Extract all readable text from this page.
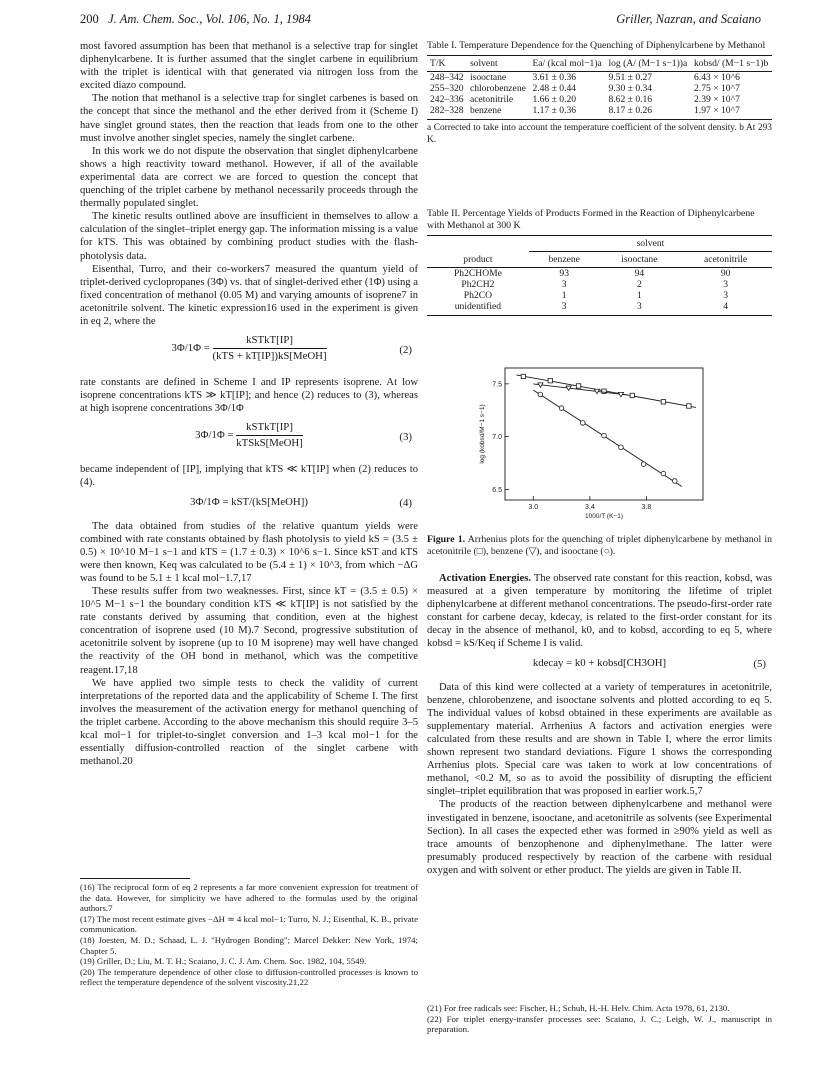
200 J. Am. Chem. Soc., Vol. 106, No. 1, 1984	Griller, Nazran, and Scaiano

most favored assumption has been that methanol is a selective trap for singlet diphenylcarbene. It is further assumed that the singlet carbene in equilibrium with the triplet is identical with that generated via nitrogen loss from the excited diazo compound.

The notion that methanol is a selective trap for singlet carbenes is based on the concept that since the methanol and the ether derived from it (Scheme I) have singlet ground states, then the reaction that leads from one to the other must involve another singlet species, namely the singlet carbene.

In this work we do not dispute the observation that singlet diphenylcarbene shows a high reactivity toward methanol. However, if all of the available experimental data are correct we are forced to question the concept that quenching of the triplet carbene by methanol necessarily proceeds through the thermally populated singlet.

The kinetic results outlined above are insufficient in themselves to allow a calculation of the singlet–triplet energy gap. The information missing is a value for kTS. This was obtained by combining product studies with the flash-photolysis data.

Eisenthal, Turro, and their co-workers7 measured the quantum yield of triplet-derived cyclopropanes (3Φ) vs. that of singlet-derived ether (1Φ) using a fixed concentration of methanol (0.05 M) and varying amounts of isoprene7 in acetonitrile solvent. The kinetic expression16 used in the experiment is given in eq 2, where the

$3\Phi/1\Phi = \frac{\text{kSTkT[IP]}}{\text{(kTS + kT[IP])kS[MeOH]}}$	(2)

rate constants are defined in Scheme I and IP represents isoprene. At low isoprene concentrations kTS ≫ kT[IP]; and hence (2) reduces to (3), whereas at high isoprene concentrations 3Φ/1Φ

$3\Phi/1\Phi = \frac{\text{kSTkT[IP]}}{\text{kTSkS[MeOH]}}$	(3)

became independent of [IP], implying that kTS ≪ kT[IP] when (2) reduces to (4).

3Φ/1Φ = kST/(kS[MeOH])	(4)

The data obtained from studies of the relative quantum yields were combined with rate constants obtained by flash photolysis to yield kS = (3.5 ± 0.5) × 10^10 M−1 s−1 and kTS = (1.7 ± 0.3) × 10^6 s−1. Since kST and kTS were then known, Keq was calculated to be (5.4 ± 1) × 10^3, from which −ΔG was found to be 5.1 ± 1 kcal mol−1.7,17

These results suffer from two weaknesses. First, since kT = (3.5 ± 0.5) × 10^5 M−1 s−1 the boundary condition kTS ≪ kT[IP] is not satisfied by the rate constants derived by assuming that condition, even at the highest concentration of isoprene used (10 M).7 Second, progressive substitution of acetonitrile solvent by isoprene (up to 10 M isoprene) may well have changed the reactivity of the OH bond in methanol, which was the competitive reagent.17,18

We have applied two simple tests to check the validity of current interpretations of the reported data and the applicability of Scheme I. The first involves the measurement of the activation energy for methanol quenching of the triplet carbene. According to the above mechanism this should require 3–5 kcal mol−1 for triplet-to-singlet conversion and 1–3 kcal mol−1 for the essentially diffusion-controlled reaction of the singlet carbene with methanol.20

(16) The reciprocal form of eq 2 represents a far more convenient expression for treatment of the data. However, for simplicity we have adhered to the formulas used by the original authors.7

(17) The most recent estimate gives −ΔH ≃ 4 kcal mol−1: Turro, N. J.; Eisenthal, K. B., private communication.

(18) Joesten, M. D.; Schaad, L. J. "Hydrogen Bonding"; Marcel Dekker: New York, 1974; Chapter 5.

(19) Griller, D.; Liu, M. T. H.; Scaiano, J. C. J. Am. Chem. Soc. 1982, 104, 5549.

(20) The temperature dependence of other close to diffusion-controlled processes is known to reflect the temperature dependence of the solvent viscosity.21,22

Table I. Temperature Dependence for the Quenching of Diphenylcarbene by Methanol
T/K	solvent	Ea/ (kcal mol−1)a	log (A/ (M−1 s−1))a	kobsd/ (M−1 s−1)b
248–342	isooctane	3.61 ± 0.36	9.51 ± 0.27	6.43 × 10^6
255–320	chlorobenzene	2.48 ± 0.44	9.30 ± 0.34	2.75 × 10^7
242–336	acetonitrile	1.66 ± 0.20	8.62 ± 0.16	2.39 × 10^7
282–328	benzene	1.17 ± 0.36	8.17 ± 0.26	1.97 × 10^7
a Corrected to take into account the temperature coefficient of the solvent density. b At 293 K.
Table II. Percentage Yields of Products Formed in the Reaction of Diphenylcarbene with Methanol at 300 K
	solvent		
product	benzene	isooctane	acetonitrile
Ph2CHOMe	93	94	90
Ph2CH2	3	2	3
Ph2CO	1	1	3
unidentified	3	3	4
3.0	3.4	3.8
6.5
7.0
7.5
1000/T (K−1)
log (kobsd/M−1 s−1)
Figure 1. Arrhenius plots for the quenching of triplet diphenylcarbene by methanol in acetonitrile (□), benzene (▽), and isooctane (○).

Activation Energies. The observed rate constant for this reaction, kobsd, was measured at a given temperature by monitoring the lifetime of triplet diphenylcarbene at different methanol concentrations. The pseudo-first-order rate constant for carbene decay, kdecay, is related to the first-order constant for its decay in the absence of methanol, k0, and to kobsd, according to eq 5, where kobsd = kS/Keq if Scheme I is valid.

kdecay = k0 + kobsd[CH3OH]	(5)

Data of this kind were collected at a variety of temperatures in acetonitrile, benzene, chlorobenzene, and isooctane solvents and plotted according to eq 5. The individual values of kobsd obtained in these experiments are available as supplementary material. Arrhenius A factors and activation energies were calculated from these results and are shown in Table I, where the error limits shown represent two standard deviations. Figure 1 shows the corresponding Arrhenius plots. Special care was taken to work at low concentrations of methanol, <0.2 M, so as to avoid the possibility of disrupting the efficient singlet–triplet equilibration that was proposed in earlier work.5,7

The products of the reaction between diphenylcarbene and methanol were investigated in benzene, isooctane, and acetonitrile as solvents (see Experimental Section). In all cases the expected ether was formed in ≥90% yield as well as trace amounts of benzophenone and diphenylmethane. The latter were presumably produced respectively by reaction of the carbene with residual oxygen and with solvent or ether product. The yields are given in Table II.

(21) For free radicals see: Fischer, H.; Schuh, H.-H. Helv. Chim. Acta 1978, 61, 2130.

(22) For triplet energy-transfer processes see: Scaiano, J. C.; Leigh, W. J., manuscript in preparation.
